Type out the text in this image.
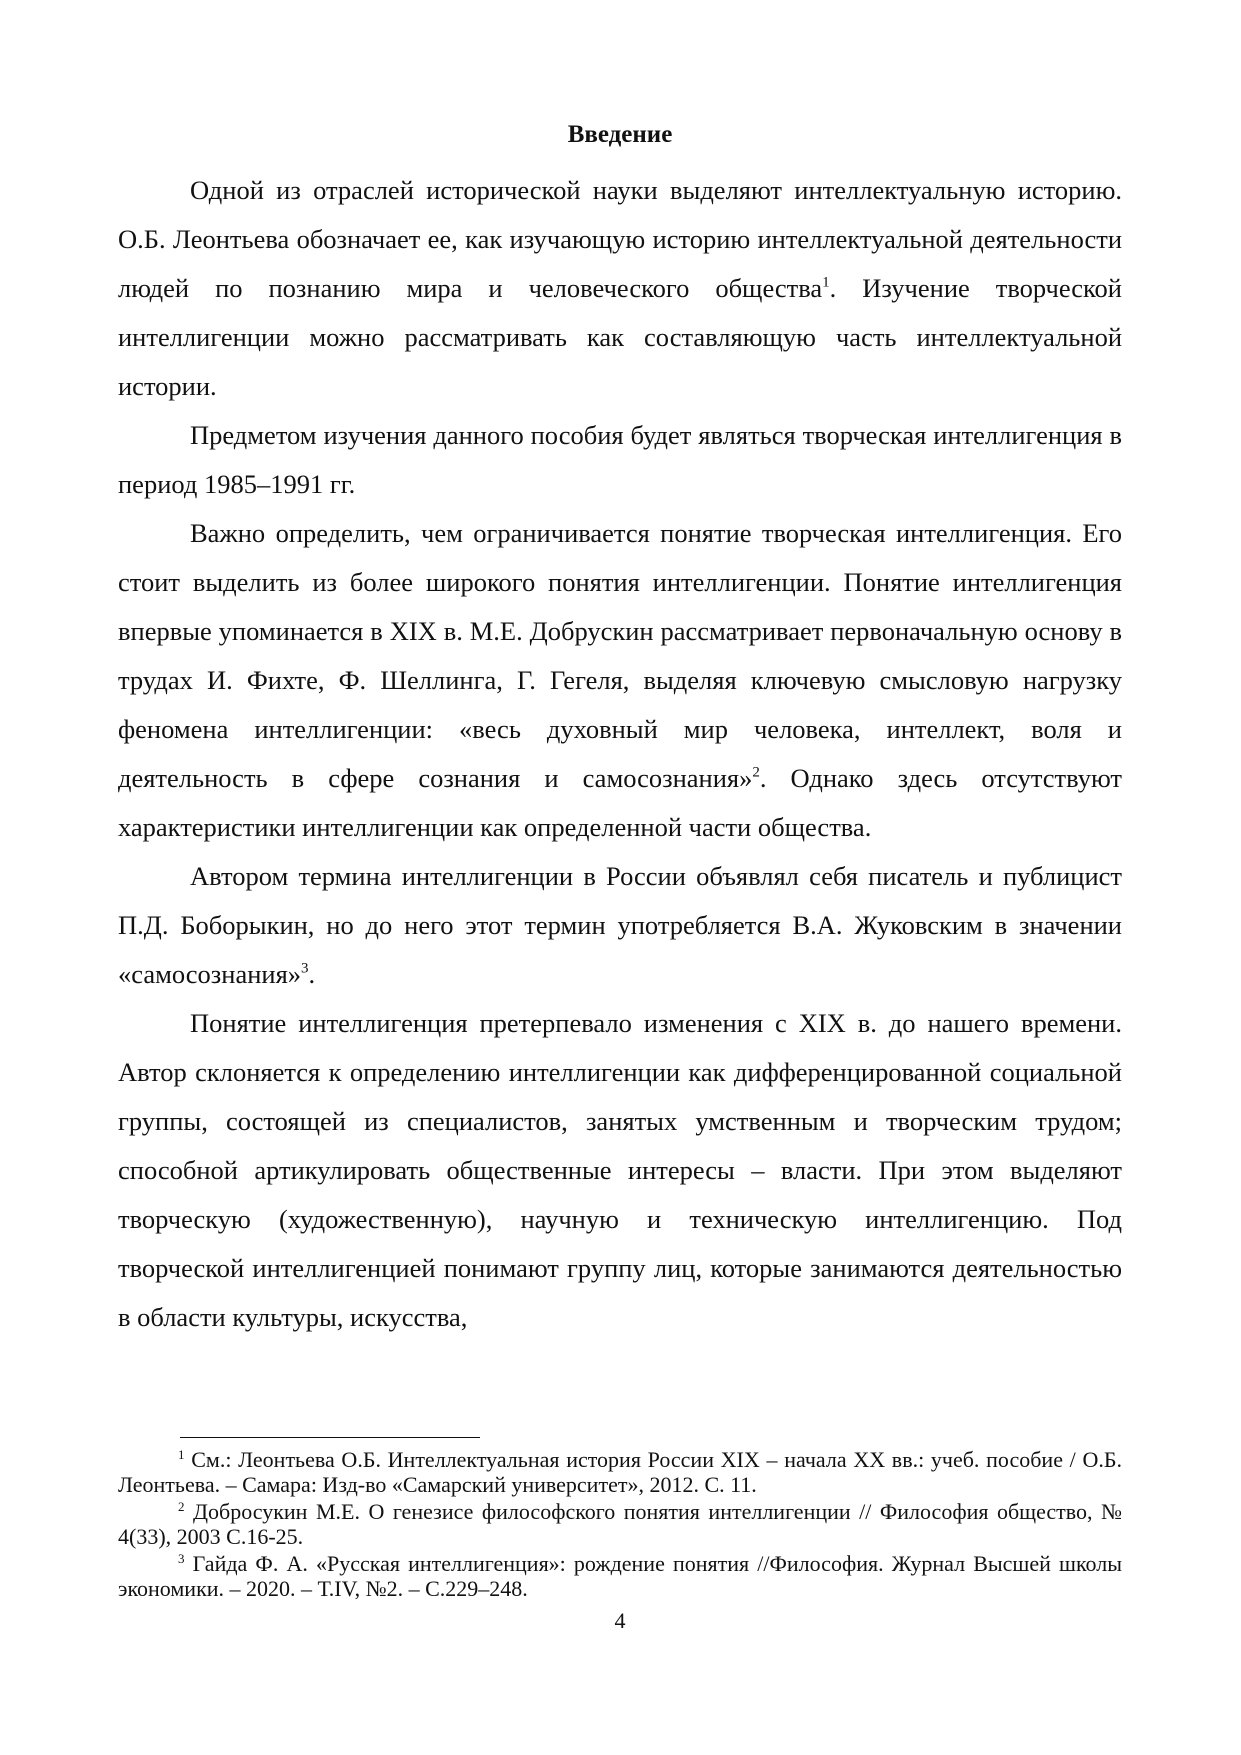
Введение

Одной из отраслей исторической науки выделяют интеллектуальную историю. О.Б. Леонтьева обозначает ее, как изучающую историю интеллектуальной деятельности людей по познанию мира и человеческого общества$^1$. Изучение творческой интеллигенции можно рассматривать как составляющую часть интеллектуальной истории.

Предметом изучения данного пособия будет являться творческая интеллигенция в период 1985–1991 гг.

Важно определить, чем ограничивается понятие творческая интеллигенция. Его стоит выделить из более широкого понятия интеллигенции. Понятие интеллигенция впервые упоминается в XIX в. М.Е. Добрускин рассматривает первоначальную основу в трудах И. Фихте, Ф. Шеллинга, Г. Гегеля, выделяя ключевую смысловую нагрузку феномена интеллигенции: «весь духовный мир человека, интеллект, воля и деятельность в сфере сознания и самосознания»$^2$. Однако здесь отсутствуют характеристики интеллигенции как определенной части общества.

Автором термина интеллигенции в России объявлял себя писатель и публицист П.Д. Боборыкин, но до него этот термин употребляется В.А. Жуковским в значении «самосознания»$^3$.

Понятие интеллигенция претерпевало изменения с XIX в. до нашего времени. Автор склоняется к определению интеллигенции как дифференцированной социальной группы, состоящей из специалистов, занятых умственным и творческим трудом; способной артикулировать общественные интересы – власти. При этом выделяют творческую (художественную), научную и техническую интеллигенцию. Под творческой интеллигенцией понимают группу лиц, которые занимаются деятельностью в области культуры, искусства,

$^1$ См.: Леонтьева О.Б. Интеллектуальная история России XIX – начала XX вв.: учеб. пособие / О.Б. Леонтьева. – Самара: Изд-во «Самарский университет», 2012. С. 11.

$^2$ Добросукин М.Е. О генезисе философского понятия интеллигенции // Философия общество, № 4(33), 2003 С.16-25.

$^3$ Гайда Ф. А. «Русская интеллигенция»: рождение понятия //Философия. Журнал Высшей школы экономики. – 2020. – Т.IV, №2. – С.229–248.

4
